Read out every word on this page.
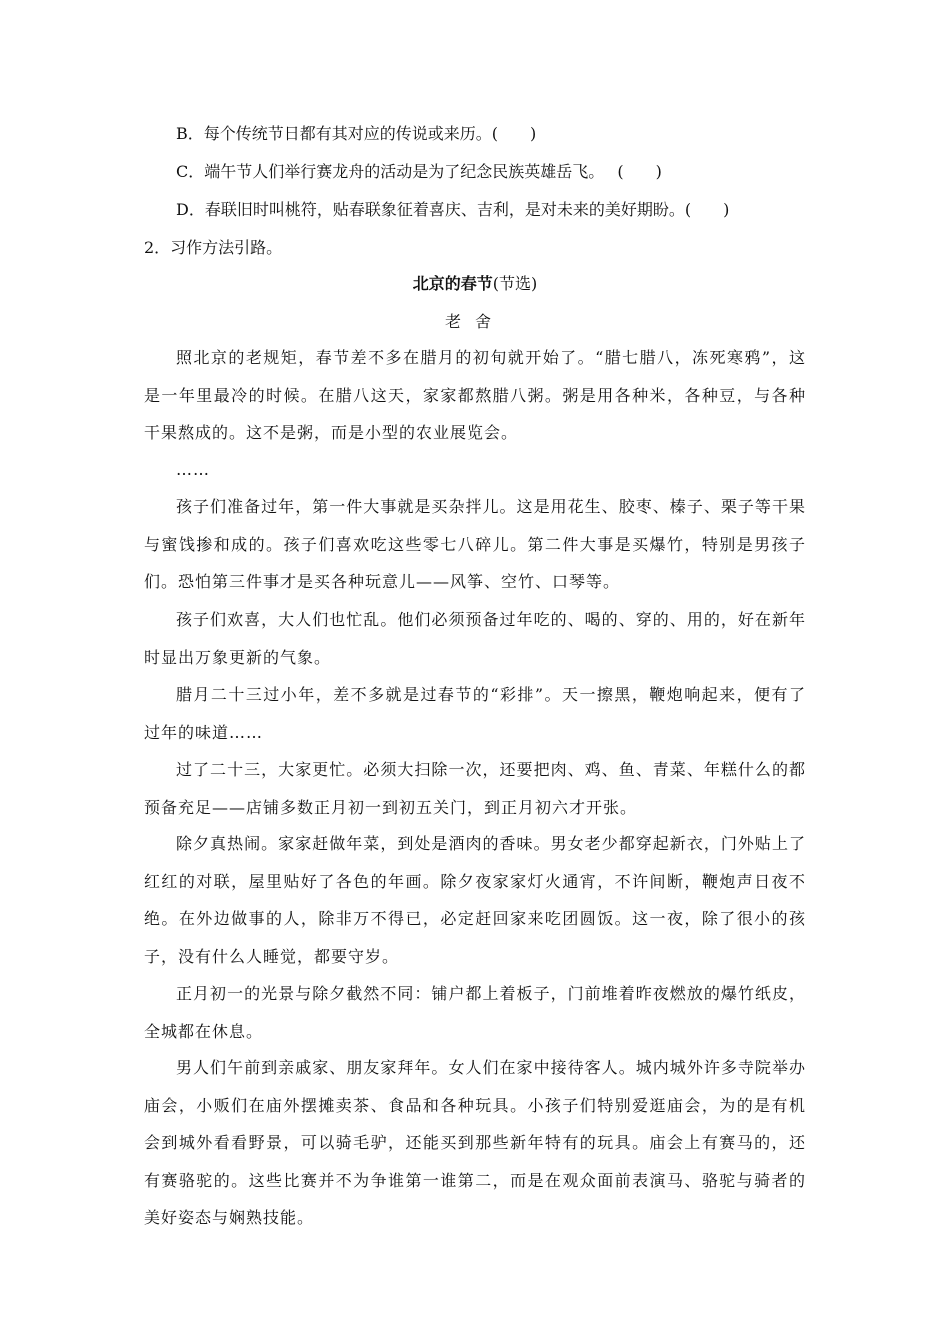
B．每个传统节日都有其对应的传说或来历。(　　)
C．端午节人们举行赛龙舟的活动是为了纪念民族英雄岳飞。　 (　　)
D．春联旧时叫桃符，贴春联象征着喜庆、吉利，是对未来的美好期盼。(　　)
2．习作方法引路。
北京的春节(节选)
老舍
照北京的老规矩，春节差不多在腊月的初旬就开始了。“腊七腊八，冻死寒鸦”，这是一年里最冷的时候。在腊八这天，家家都熬腊八粥。粥是用各种米，各种豆，与各种干果熬成的。这不是粥，而是小型的农业展览会。
……
孩子们准备过年，第一件大事就是买杂拌儿。这是用花生、胶枣、榛子、栗子等干果与蜜饯掺和成的。孩子们喜欢吃这些零七八碎儿。第二件大事是买爆竹，特别是男孩子们。恐怕第三件事才是买各种玩意儿——风筝、空竹、口琴等。
孩子们欢喜，大人们也忙乱。他们必须预备过年吃的、喝的、穿的、用的，好在新年时显出万象更新的气象。
腊月二十三过小年，差不多就是过春节的“彩排”。天一擦黑，鞭炮响起来，便有了过年的味道……
过了二十三，大家更忙。必须大扫除一次，还要把肉、鸡、鱼、青菜、年糕什么的都预备充足——店铺多数正月初一到初五关门，到正月初六才开张。
除夕真热闹。家家赶做年菜，到处是酒肉的香味。男女老少都穿起新衣，门外贴上了红红的对联，屋里贴好了各色的年画。除夕夜家家灯火通宵，不许间断，鞭炮声日夜不绝。在外边做事的人，除非万不得已，必定赶回家来吃团圆饭。这一夜，除了很小的孩子，没有什么人睡觉，都要守岁。
正月初一的光景与除夕截然不同：铺户都上着板子，门前堆着昨夜燃放的爆竹纸皮，全城都在休息。
男人们午前到亲戚家、朋友家拜年。女人们在家中接待客人。城内城外许多寺院举办庙会，小贩们在庙外摆摊卖茶、食品和各种玩具。小孩子们特别爱逛庙会，为的是有机会到城外看看野景，可以骑毛驴，还能买到那些新年特有的玩具。庙会上有赛马的，还有赛骆驼的。这些比赛并不为争谁第一谁第二，而是在观众面前表演马、骆驼与骑者的美好姿态与娴熟技能。
